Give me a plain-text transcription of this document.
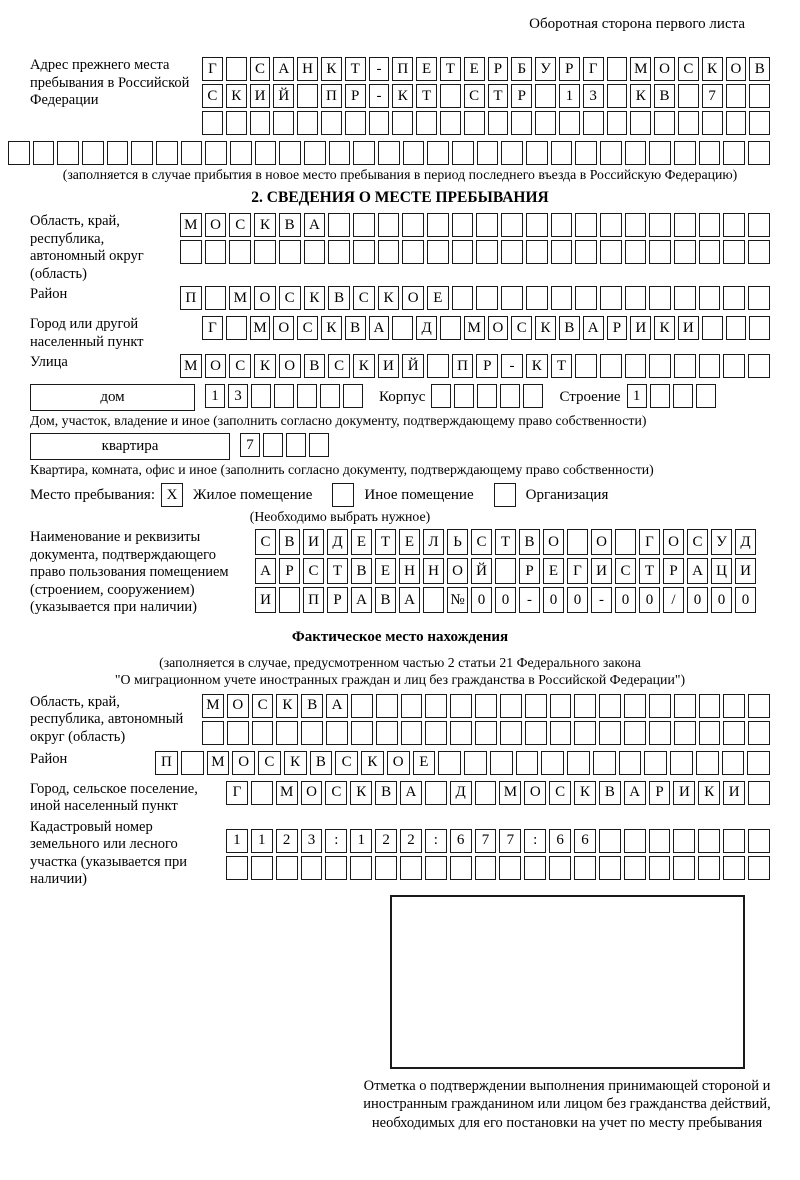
Оборотная сторона первого листа
Адрес прежнего места пребывания в Российской Федерации
Г	С А Н К Т	-	П Е Т Е	Р	Б У Р	Г	М О С К О В
С К И Й	П Р	-	К Т	С Т	Р	1	3	К В	7
(заполняется в случае прибытия в новое место пребывания в период последнего въезда в Российскую Федерацию)
2. СВЕДЕНИЯ О МЕСТЕ ПРЕБЫВАНИЯ
Область, край, республика, автономный округ (область)
М О С К В А
Район	П	М О С К В С К О Е
Город или другой населенный пункт
Г	М О С К В А	Д	М О С К В А Р И К И
Улица	М О С К О В С К И Й	П	Р	-	К	Т
дом	1	3	Корпус	Строение 1
Дом, участок, владение и иное (заполнить согласно документу, подтверждающему право собственности)
квартира	7
Квартира, комната, офис и иное (заполнить согласно документу, подтверждающему право собственности)
Место пребывания: X	Жилое помещение	Иное помещение	Организация
(Необходимо выбрать нужное)
Наименование и реквизиты документа, подтверждающего право пользования помещением (строением, сооружением) (указывается при наличии)
С В И Д Е Т Е Л Ь С Т В О	О	Г О С У Д
А Р С Т В Е Н Н О Й	Р	Е	Г И С Т	Р А Ц И
И	П Р А В А	№ 0	0	-	0	0	-	0	0	/	0	0	0
Фактическое место нахождения
(заполняется в случае, предусмотренном частью 2 статьи 21 Федерального закона
"О миграционном учете иностранных граждан и лиц без гражданства в Российской Федерации")
Область, край, республика, автономный округ (область)
М О С К В А
Район	П	М О	С	К	В	С	К	О	Е
Город, сельское поселение, иной населенный пункт
Г	М О С К В А	Д	М О С К В А	Р	И К И
Кадастровый номер земельного или лесного участка (указывается при наличии)
1	1	2	3	:	1	2	2	:	6	7	7	:	6	6
Отметка о подтверждении выполнения принимающей стороной и иностранным гражданином или лицом без гражданства действий, необходимых для его постановки на учет по месту пребывания
